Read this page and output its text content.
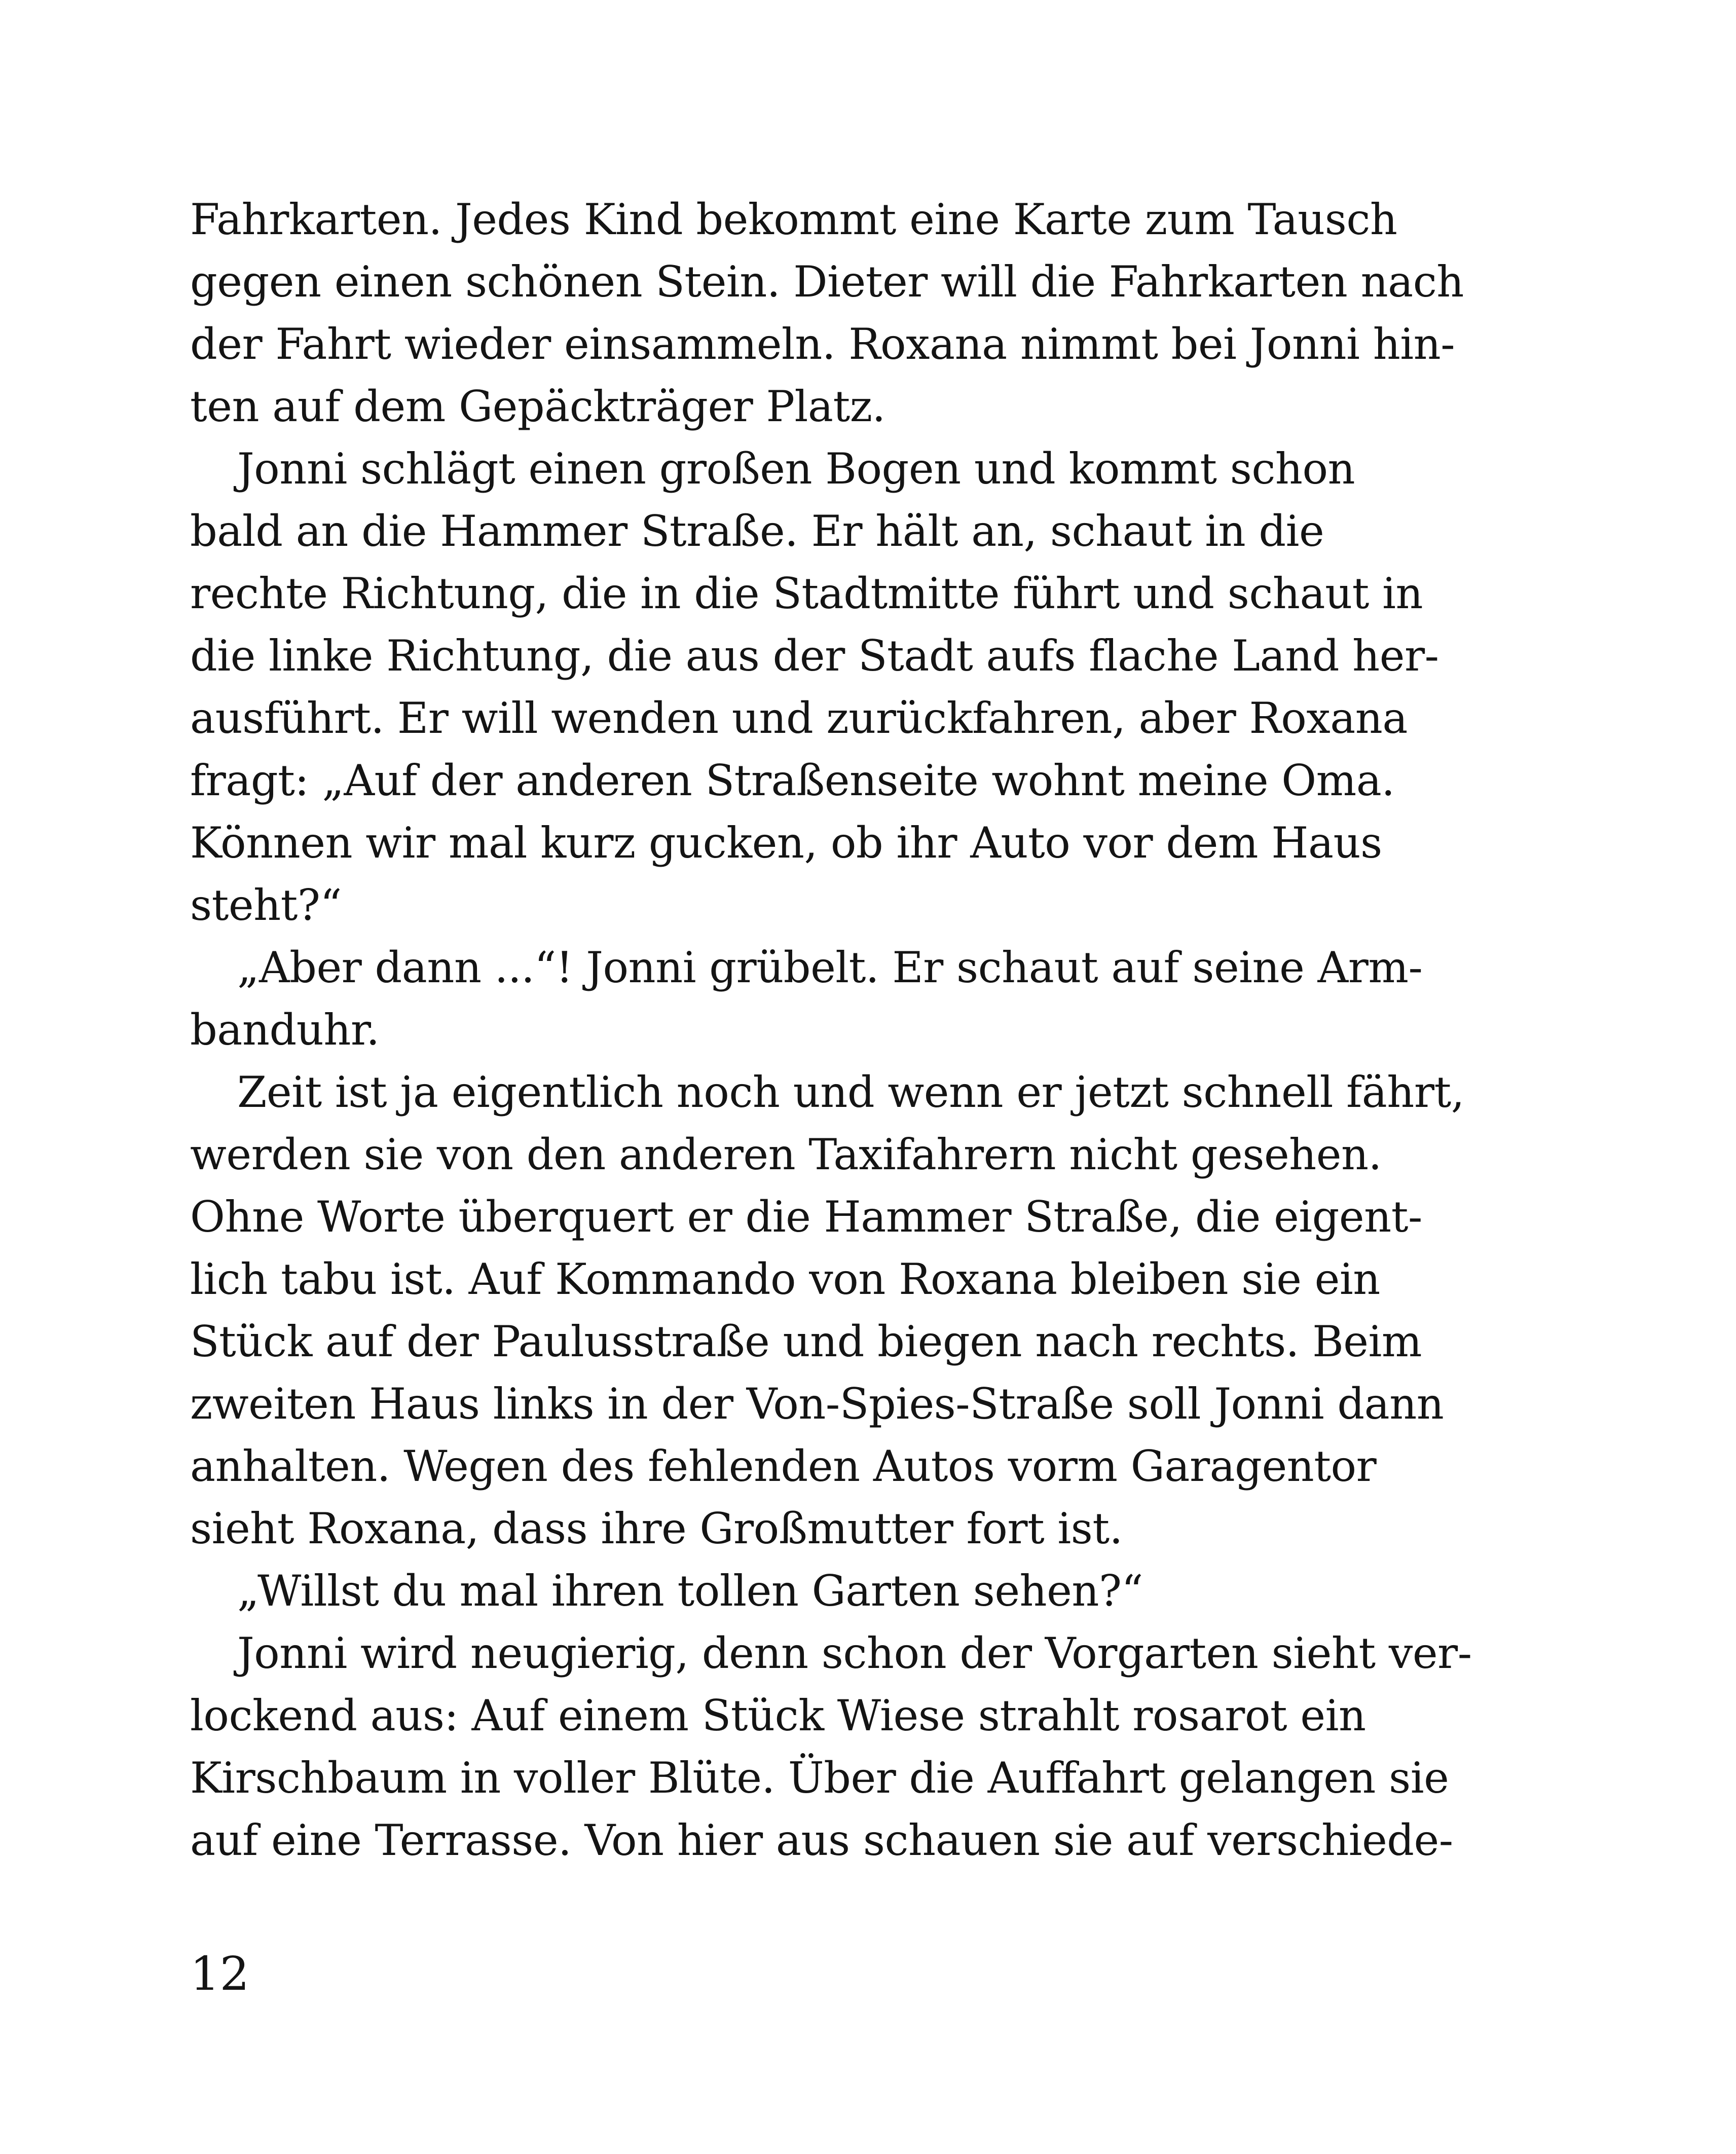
Fahrkarten. Jedes Kind bekommt eine Karte zum Tausch
gegen einen schönen Stein. Dieter will die Fahrkarten nach
der Fahrt wieder einsammeln. Roxana nimmt bei Jonni hin-
ten auf dem Gepäckträger Platz.
Jonni schlägt einen großen Bogen und kommt schon
bald an die Hammer Straße. Er hält an, schaut in die
rechte Richtung, die in die Stadtmitte führt und schaut in
die linke Richtung, die aus der Stadt aufs flache Land her-
ausführt. Er will wenden und zurückfahren, aber Roxana
fragt: „Auf der anderen Straßenseite wohnt meine Oma.
Können wir mal kurz gucken, ob ihr Auto vor dem Haus
steht?“
„Aber dann ...“! Jonni grübelt. Er schaut auf seine Arm-
banduhr.
Zeit ist ja eigentlich noch und wenn er jetzt schnell fährt,
werden sie von den anderen Taxifahrern nicht gesehen.
Ohne Worte überquert er die Hammer Straße, die eigent-
lich tabu ist. Auf Kommando von Roxana bleiben sie ein
Stück auf der Paulusstraße und biegen nach rechts. Beim
zweiten Haus links in der Von-Spies-Straße soll Jonni dann
anhalten. Wegen des fehlenden Autos vorm Garagentor
sieht Roxana, dass ihre Großmutter fort ist.
„Willst du mal ihren tollen Garten sehen?“
Jonni wird neugierig, denn schon der Vorgarten sieht ver-
lockend aus: Auf einem Stück Wiese strahlt rosarot ein
Kirschbaum in voller Blüte. Über die Auffahrt gelangen sie
auf eine Terrasse. Von hier aus schauen sie auf verschiede-
12
